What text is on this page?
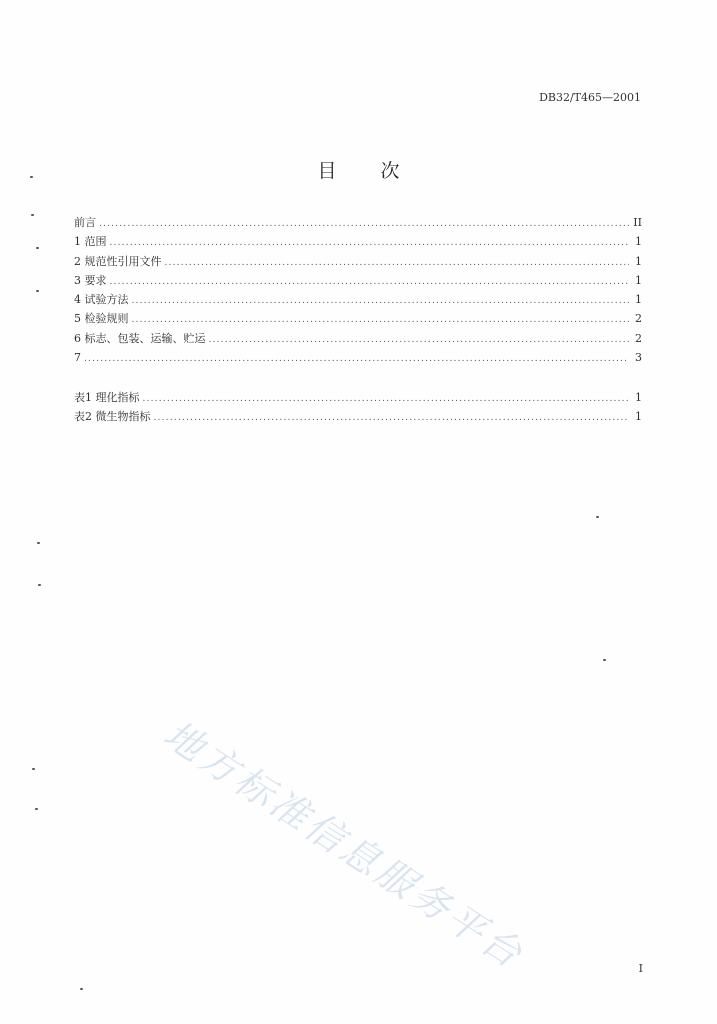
DB32/T465—2001
目 次
前言 .....	II
1 范围 .....	1
2 规范性引用文件 .....	1
3 要求 .....	1
4 试验方法 .....	1
5 检验规则 .....	2
6 标志、包装、运输、贮运 .....	2
7 .....	3
表1 理化指标 .....	1
表2 微生物指标 .....	1
地方标准信息服务平台	I
